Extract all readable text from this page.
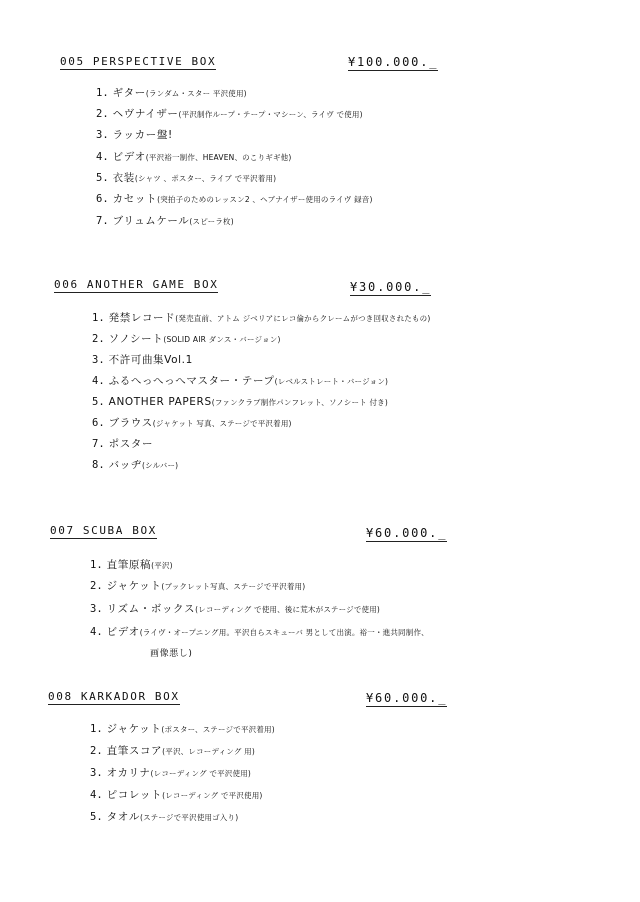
005 PERSPECTIVE BOX	¥100.000._
1. ギター(ランダム・スター 平沢使用)
2. ヘヴナイザー(平沢制作ループ・テープ・マシーン、ライヴ で使用)
3. ラッカー盤!
4. ビデオ(平沢裕一制作、HEAVEN、のこりギギ他)
5. 衣装(シャツ 、ポスター、ライブ で平沢着用)
6. カセット(突拍子のためのレッスン2 、ヘブナイザー使用のライヴ 録音)
7. ブリュムケール(スピーラ枚)
006 ANOTHER GAME BOX	¥30.000._
1. 発禁レコード(発売直前、アトム ジベリアにレコ倫からクレームがつき回収されたもの)
2. ソノシート(SOLID AIR ダンス・バージョン)
3. 不許可曲集Vol.1
4. ふるへっへっへマスター・テープ(レベルストレート・バージョン)
5. ANOTHER PAPERS(ファンクラブ制作パンフレット、ソノシート 付き)
6. ブラウス(ジャケット 写真、ステージで平沢着用)
7. ポスター
8. バッヂ(シルバー)
007 SCUBA BOX	¥60.000._
1. 直筆原稿(平沢)
2. ジャケット(ブックレット写真、ステージで平沢着用)
3. リズム・ボックス(レコーディング で使用、後に荒木がステージで使用)
4. ビデオ(ライヴ・オープニング用。平沢自らスキューバ 男として出演。裕一・進共同制作、
画像悪し)
008 KARKADOR BOX	¥60.000._
1. ジャケット(ポスター、ステージで平沢着用)
2. 直筆スコア(平沢、レコーディング 用)
3. オカリナ(レコーディング で平沢使用)
4. ピコレット(レコーディング で平沢使用)
5. タオル(ステージで平沢使用ゴ入り)
